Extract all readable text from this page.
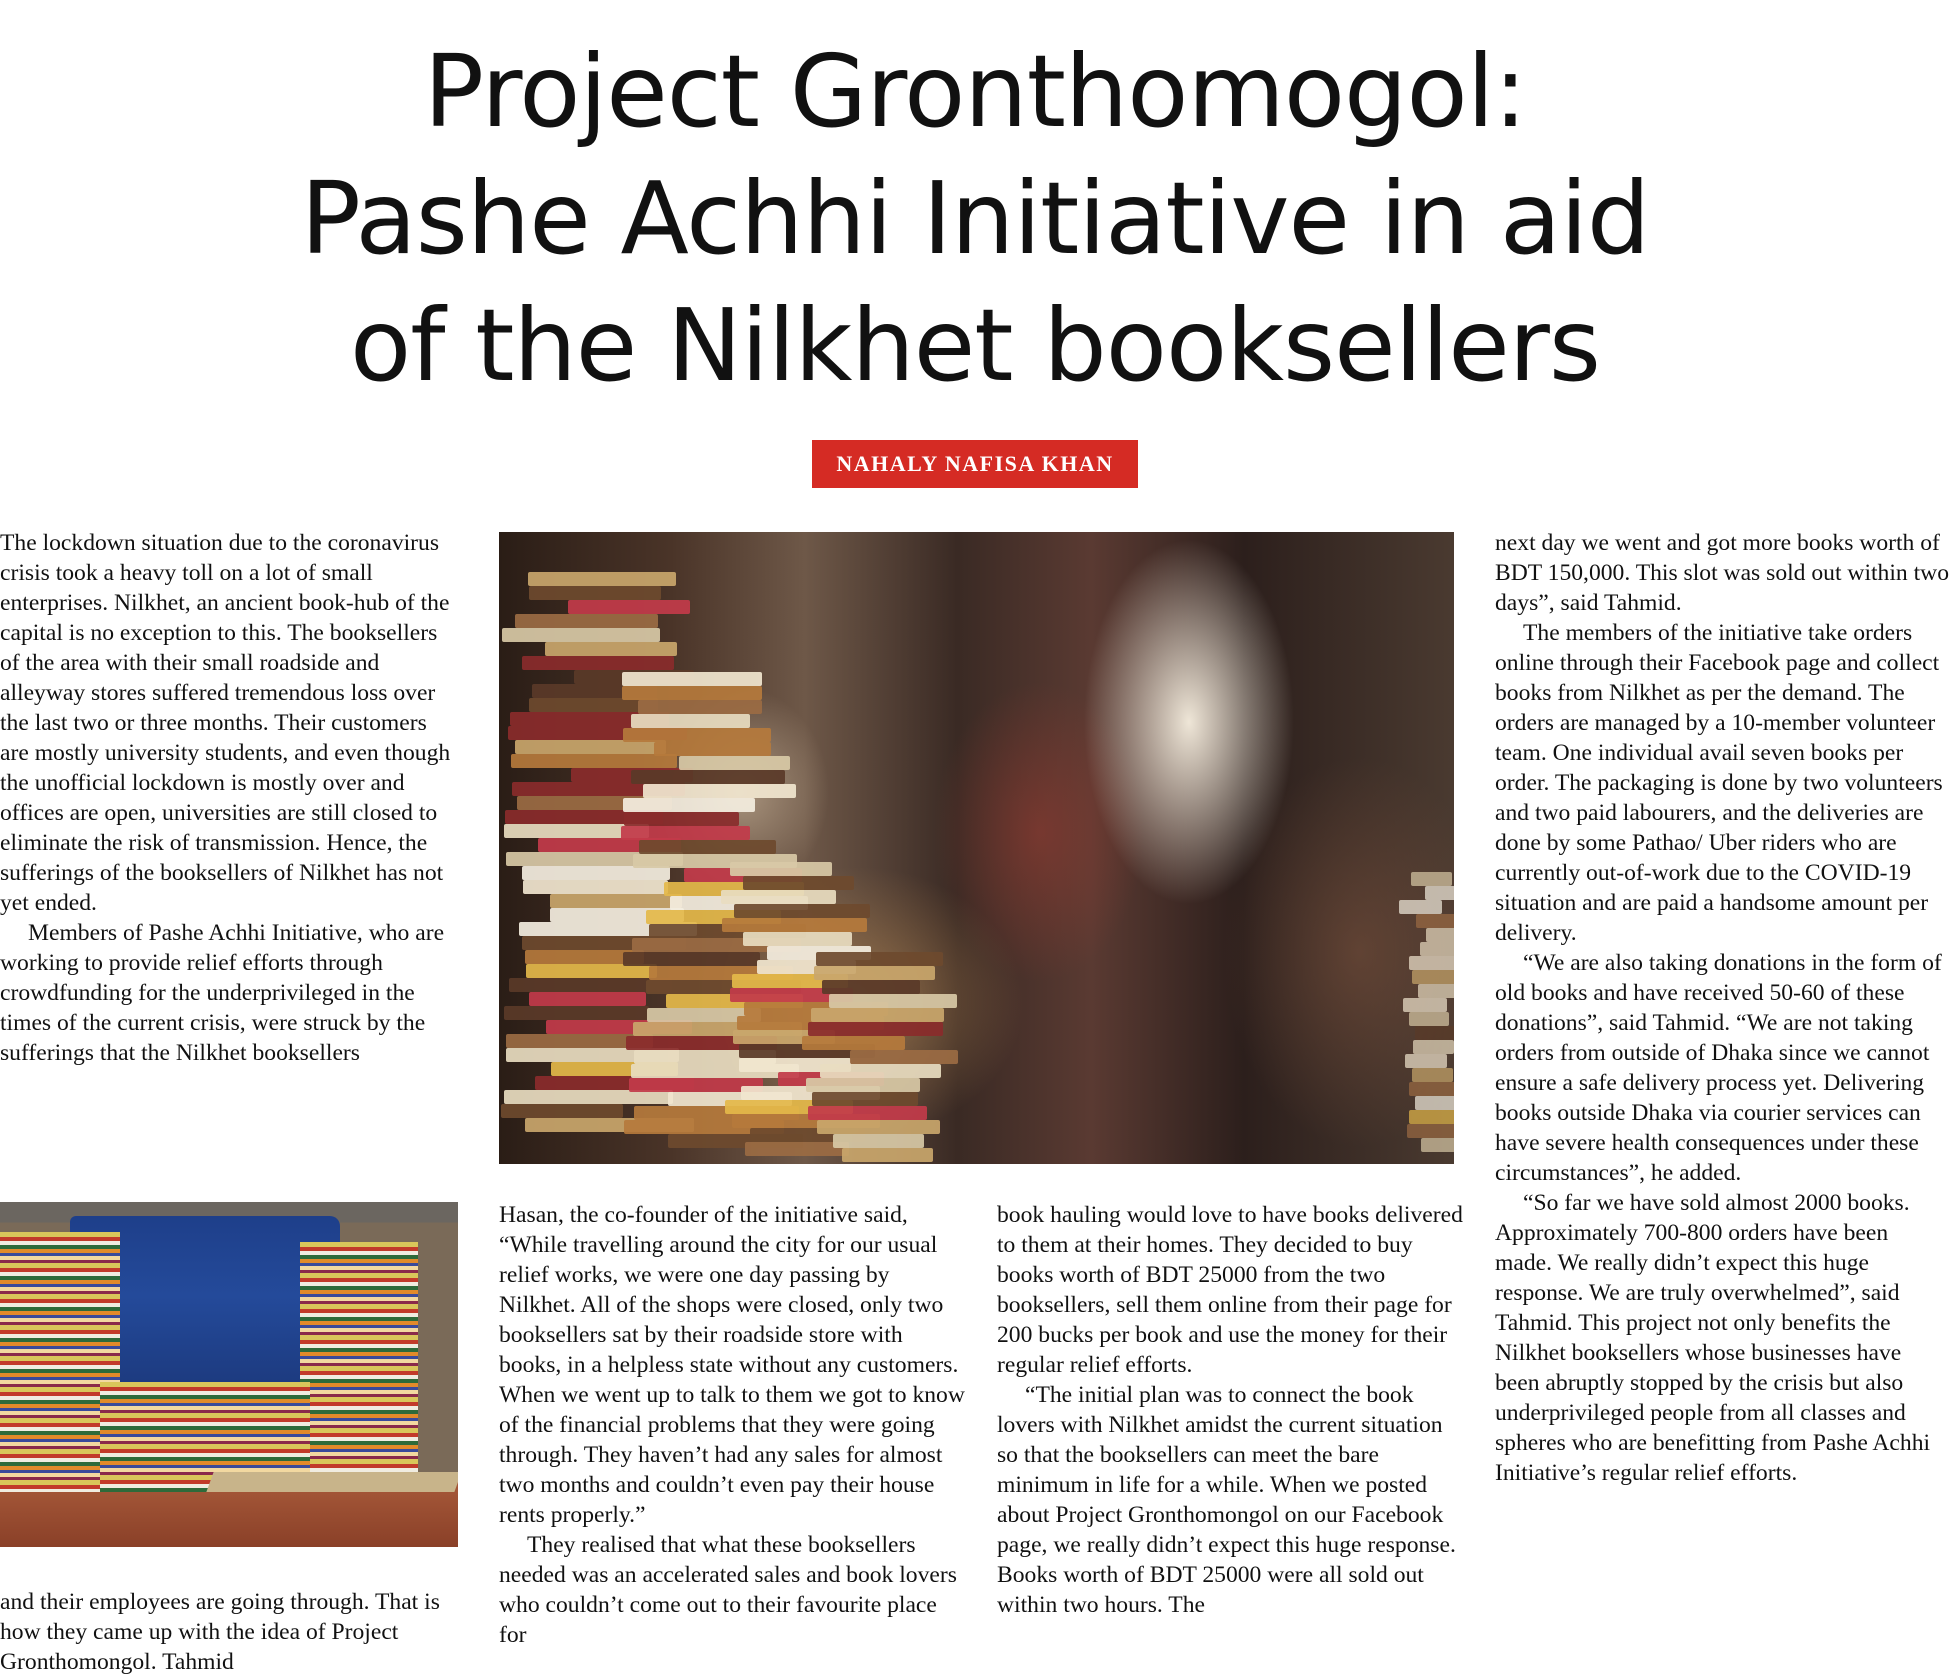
Project Gronthomogol:
Pashe Achhi Initiative in aid
of the Nilkhet booksellers
NAHALY NAFISA KHAN

The lockdown situation due to the coronavirus crisis took a heavy toll on a lot of small enterprises. Nilkhet, an ancient book-hub of the capital is no exception to this. The booksellers of the area with their small roadside and alleyway stores suffered tremendous loss over the last two or three months. Their customers are mostly university students, and even though the unofficial lockdown is mostly over and offices are open, universities are still closed to eliminate the risk of transmission. Hence, the sufferings of the booksellers of Nilkhet has not yet ended.

Members of Pashe Achhi Initiative, who are working to provide relief efforts through crowdfunding for the underprivileged in the times of the current crisis, were struck by the sufferings that the Nilkhet booksellers

and their employees are going through. That is how they came up with the idea of Project Gronthomongol. Tahmid

Hasan, the co-founder of the initiative said, “While travelling around the city for our usual relief works, we were one day passing by Nilkhet. All of the shops were closed, only two booksellers sat by their roadside store with books, in a helpless state without any customers. When we went up to talk to them we got to know of the financial problems that they were going through. They haven’t had any sales for almost two months and couldn’t even pay their house rents properly.”

They realised that what these booksellers needed was an accelerated sales and book lovers who couldn’t come out to their favourite place for

book hauling would love to have books delivered to them at their homes. They decided to buy books worth of BDT 25000 from the two booksellers, sell them online from their page for 200 bucks per book and use the money for their regular relief efforts.

“The initial plan was to connect the book lovers with Nilkhet amidst the current situation so that the booksellers can meet the bare minimum in life for a while. When we posted about Project Gronthomongol on our Facebook page, we really didn’t expect this huge response. Books worth of BDT 25000 were all sold out within two hours. The

next day we went and got more books worth of BDT 150,000. This slot was sold out within two days”, said Tahmid.

The members of the initiative take orders online through their Facebook page and collect books from Nilkhet as per the demand. The orders are managed by a 10-member volunteer team. One individual avail seven books per order. The packaging is done by two volunteers and two paid labourers, and the deliveries are done by some Pathao/ Uber riders who are currently out-of-work due to the COVID-19 situation and are paid a handsome amount per delivery.

“We are also taking donations in the form of old books and have received 50-60 of these donations”, said Tahmid. “We are not taking orders from outside of Dhaka since we cannot ensure a safe delivery process yet. Delivering books outside Dhaka via courier services can have severe health consequences under these circumstances”, he added.

“So far we have sold almost 2000 books. Approximately 700-800 orders have been made. We really didn’t expect this huge response. We are truly overwhelmed”, said Tahmid. This project not only benefits the Nilkhet booksellers whose businesses have been abruptly stopped by the crisis but also underprivileged people from all classes and spheres who are benefitting from Pashe Achhi Initiative’s regular relief efforts.
